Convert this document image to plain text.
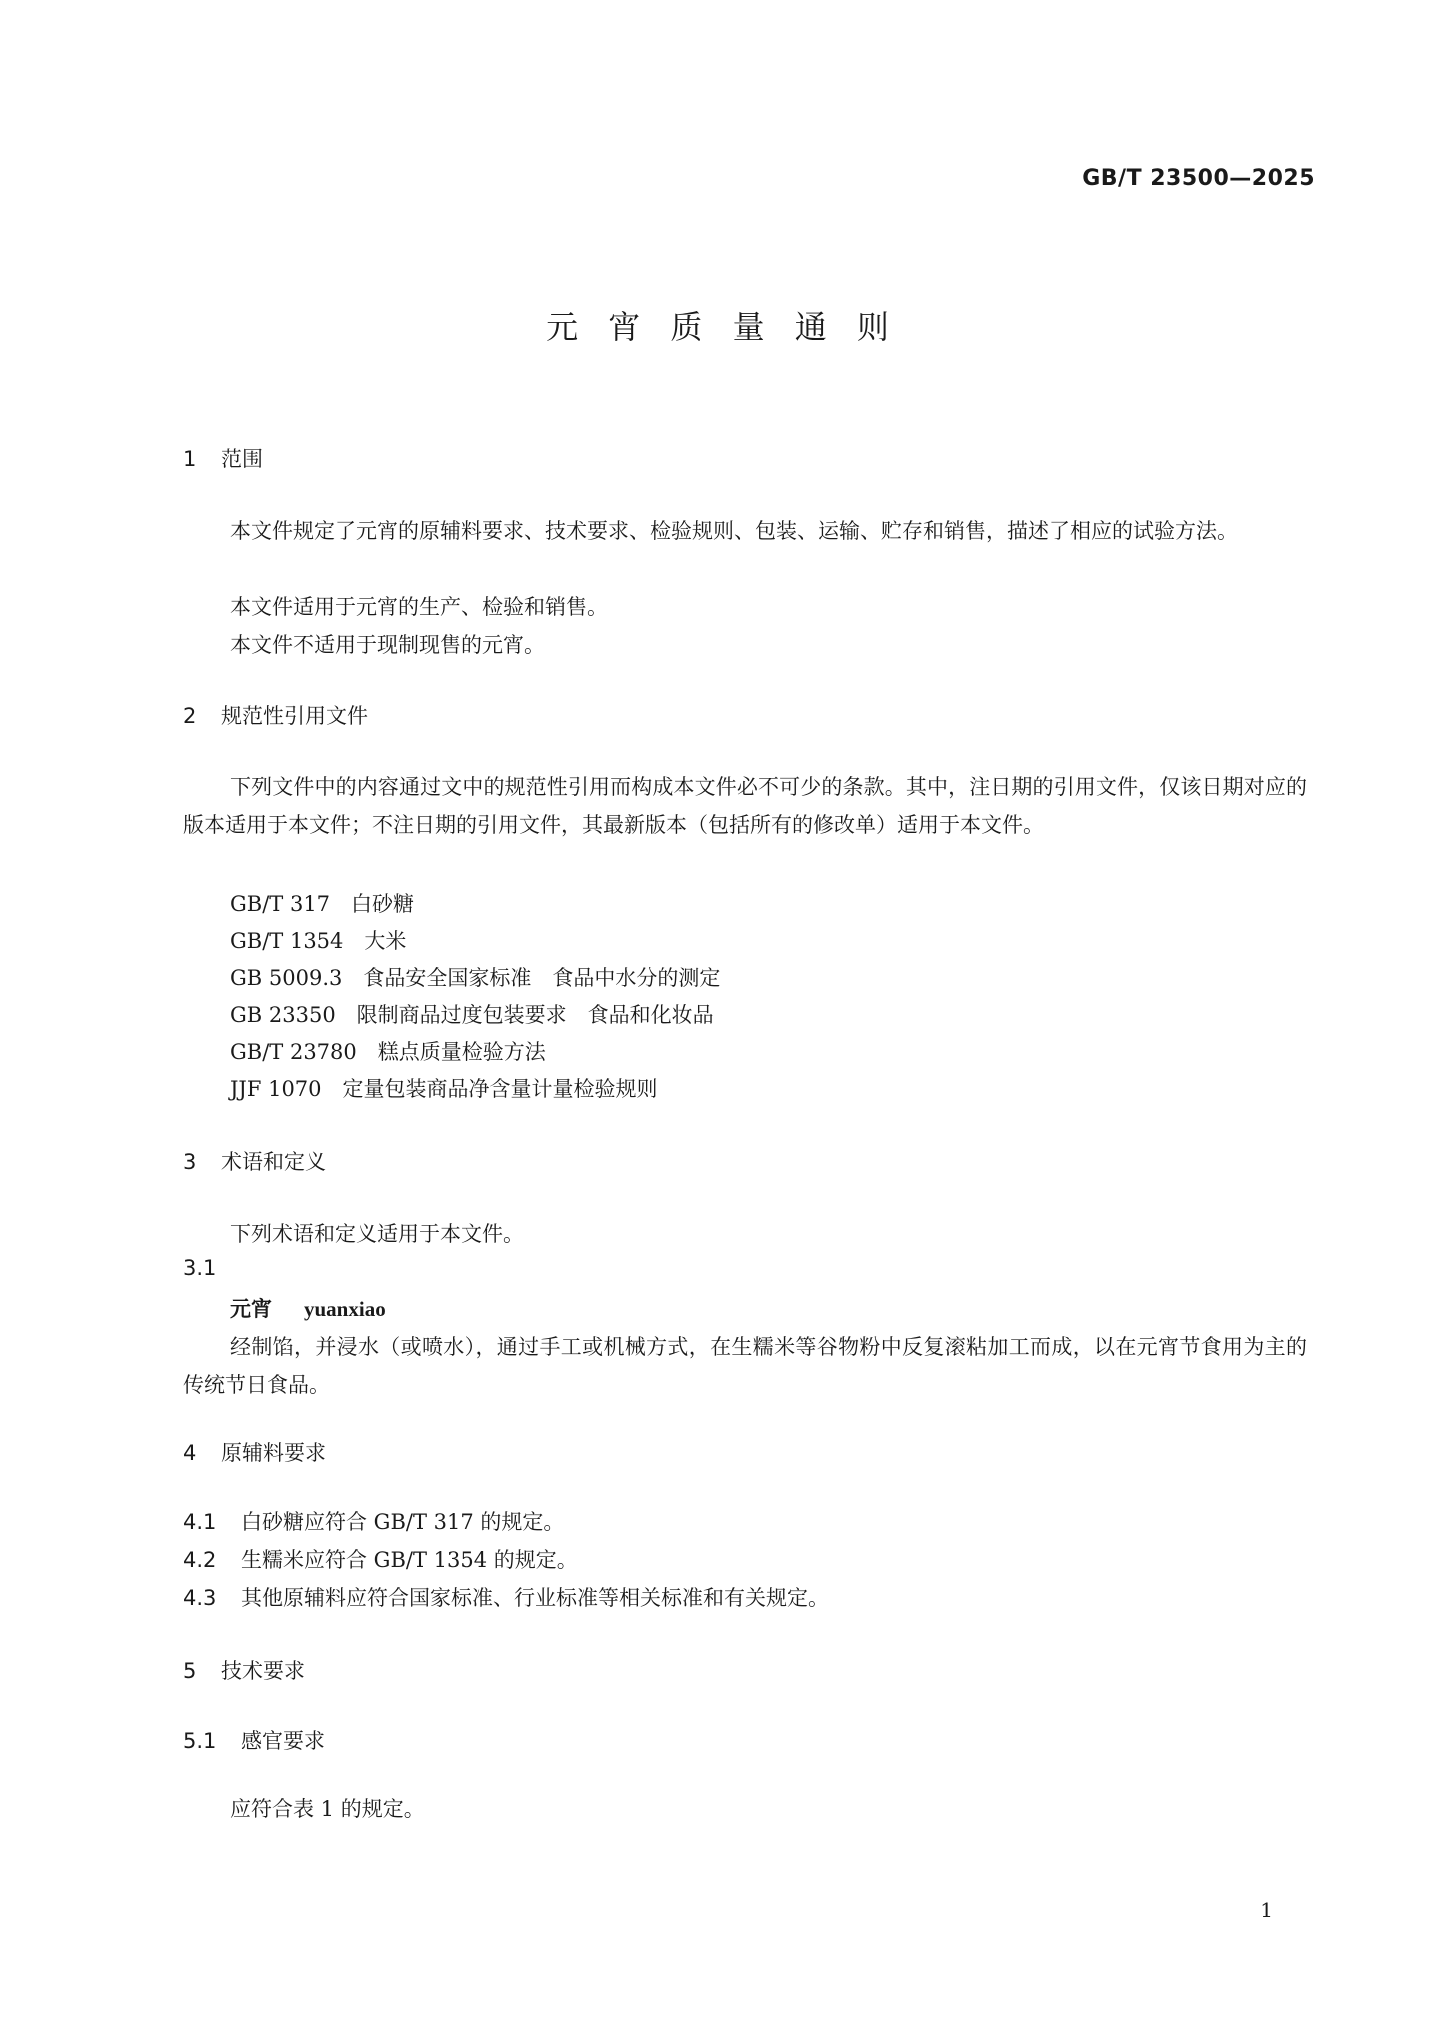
GB/T 23500—2025
元 宵 质 量 通 则
1 范围
本文件规定了元宵的原辅料要求、技术要求、检验规则、包装、运输、贮存和销售，描述了相应的试验方法。
本文件适用于元宵的生产、检验和销售。
本文件不适用于现制现售的元宵。
2 规范性引用文件
下列文件中的内容通过文中的规范性引用而构成本文件必不可少的条款。其中，注日期的引用文件，仅该日期对应的版本适用于本文件；不注日期的引用文件，其最新版本（包括所有的修改单）适用于本文件。
GB/T 317　白砂糖
GB/T 1354　大米
GB 5009.3　食品安全国家标准　食品中水分的测定
GB 23350　限制商品过度包装要求　食品和化妆品
GB/T 23780　糕点质量检验方法
JJF 1070　定量包装商品净含量计量检验规则
3 术语和定义
下列术语和定义适用于本文件。
3.1
元宵 yuanxiao
经制馅，并浸水（或喷水），通过手工或机械方式，在生糯米等谷物粉中反复滚粘加工而成，以在元宵节食用为主的传统节日食品。
4 原辅料要求
4.1 白砂糖应符合 GB/T 317 的规定。
4.2 生糯米应符合 GB/T 1354 的规定。
4.3 其他原辅料应符合国家标准、行业标准等相关标准和有关规定。
5 技术要求
5.1 感官要求
应符合表 1 的规定。
1
